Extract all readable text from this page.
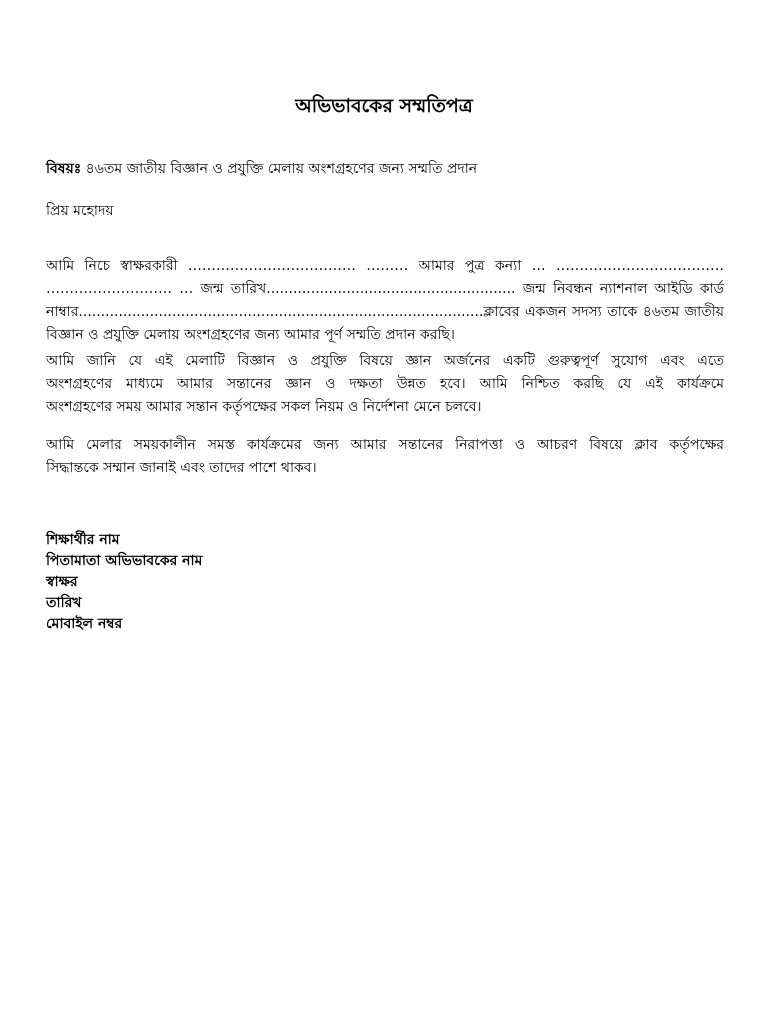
অভিভাবকের সম্মতিপত্র
বিষয়ঃ ৪৬তম জাতীয় বিজ্ঞান ও প্রযুক্তি মেলায় অংশগ্রহণের জন্য সম্মতি প্রদান
প্রিয় মহোদয়
আমি নিচে স্বাক্ষরকারী ……………………………… ……… আমার পুত্র কন্যা … ………………………………
……………………… … জন্ম তারিখ........................................................ জন্ম নিবন্ধন ন্যাশনাল আইডি কার্ড
নাম্বার...........................................................................................ক্লাবের একজন সদস্য তাকে ৪৬তম জাতীয়
বিজ্ঞান ও প্রযুক্তি মেলায় অংশগ্রহণের জন্য আমার পূর্ণ সম্মতি প্রদান করছি।
আমি জানি যে এই মেলাটি বিজ্ঞান ও প্রযুক্তি বিষয়ে জ্ঞান অর্জনের একটি গুরুত্বপূর্ণ সুযোগ এবং এতে
অংশগ্রহণের মাধ্যমে আমার সন্তানের জ্ঞান ও দক্ষতা উন্নত হবে। আমি নিশ্চিত করছি যে এই কার্যক্রমে
অংশগ্রহণের সময় আমার সন্তান কর্তৃপক্ষের সকল নিয়ম ও নির্দেশনা মেনে চলবে।
আমি মেলার সময়কালীন সমস্ত কার্যক্রমের জন্য আমার সন্তানের নিরাপত্তা ও আচরণ বিষয়ে ক্লাব কর্তৃপক্ষের
সিদ্ধান্তকে সম্মান জানাই এবং তাদের পাশে থাকব।
শিক্ষার্থীর নাম
পিতামাতা অভিভাবকের নাম
স্বাক্ষর
তারিখ
মোবাইল নম্বর
